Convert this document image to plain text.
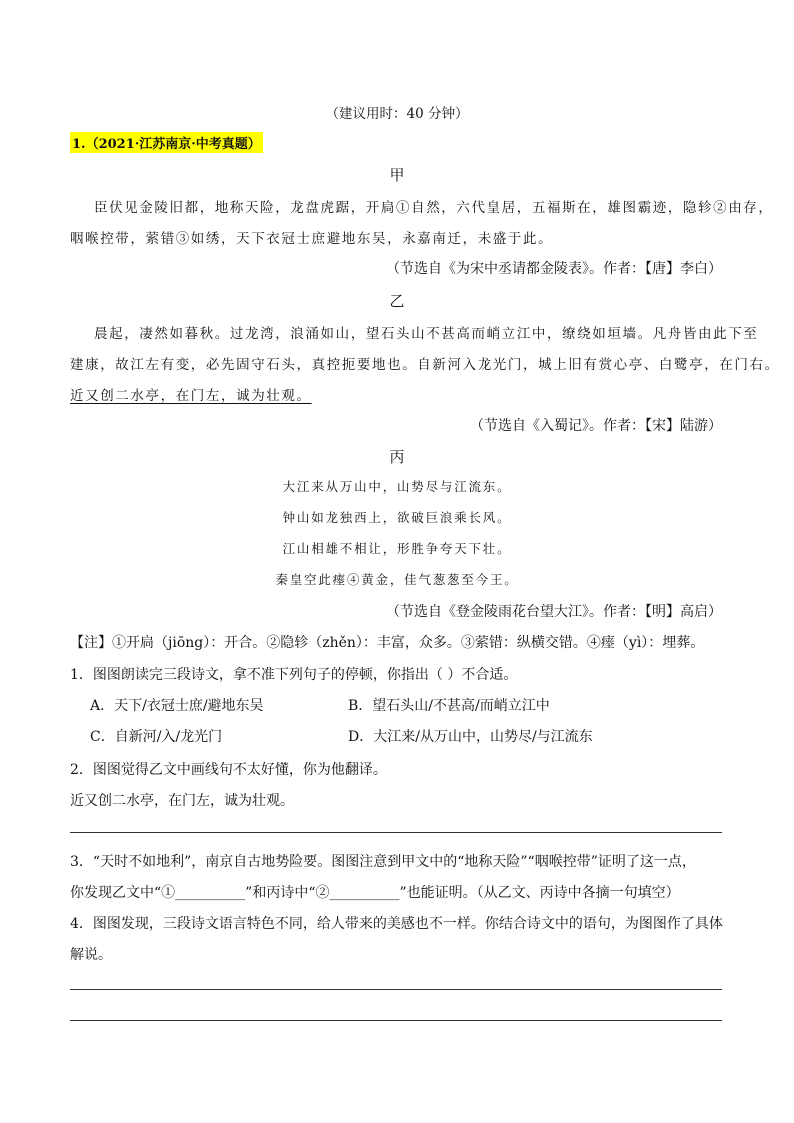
（建议用时：40 分钟）
1.（2021·江苏南京·中考真题）
甲
臣伏见金陵旧都，地称天险，龙盘虎踞，开扃①自然，六代皇居，五福斯在，雄图霸迹，隐轸②由存，
咽喉控带，萦错③如绣，天下衣冠士庶避地东吴，永嘉南迁，未盛于此。
（节选自《为宋中丞请都金陵表》。作者：【唐】李白）
乙
晨起，凄然如暮秋。过龙湾，浪涌如山，望石头山不甚高而峭立江中，缭绕如垣墙。凡舟皆由此下至
建康，故江左有变，必先固守石头，真控扼要地也。自新河入龙光门，城上旧有赏心亭、白鹭亭，在门右。
近又创二水亭，在门左，诚为壮观。
（节选自《入蜀记》。作者：【宋】陆游）
丙
大江来从万山中，山势尽与江流东。
钟山如龙独西上，欲破巨浪乘长风。
江山相雄不相让，形胜争夸天下壮。
秦皇空此瘗④黄金，佳气葱葱至今王。
（节选自《登金陵雨花台望大江》。作者：【明】高启）
【注】①开扃（jiōng）：开合。②隐轸（zhěn）：丰富，众多。③萦错：纵横交错。④瘗（yì）：埋葬。
1．图图朗读完三段诗文，拿不准下列句子的停顿，你指出（ ）不合适。
A．天下/衣冠士庶/避地东吴	B．望石头山/不甚高/而峭立江中
C．自新河/入/龙光门	D．大江来/从万山中，山势尽/与江流东
2．图图觉得乙文中画线句不太好懂，你为他翻译。
近又创二水亭，在门左，诚为壮观。
3．“天时不如地利”，南京自古地势险要。图图注意到甲文中的“地称天险”“咽喉控带”证明了这一点，
你发现乙文中“①__________”和丙诗中“②__________”也能证明。（从乙文、丙诗中各摘一句填空）
4．图图发现，三段诗文语言特色不同，给人带来的美感也不一样。你结合诗文中的语句，为图图作了具体
解说。
